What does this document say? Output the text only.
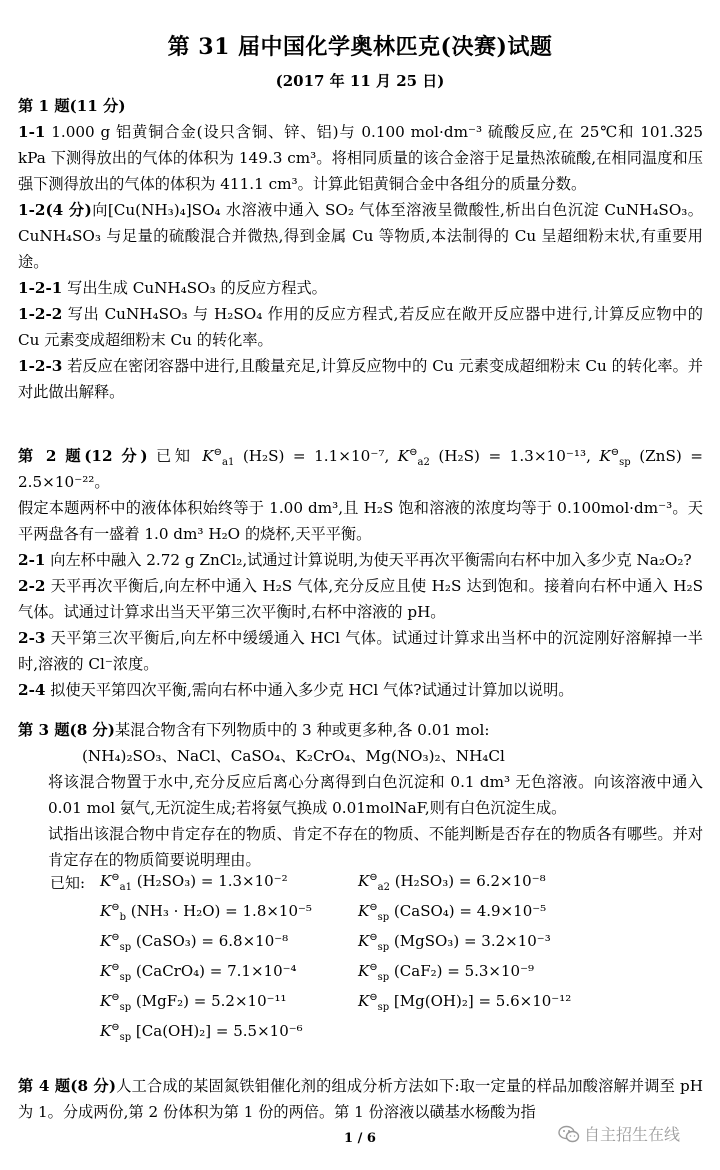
第 31 届中国化学奥林匹克(决赛)试题
(2017 年 11 月 25 日)
第 1 题(11 分)
1-1 1.000 g 铝黄铜合金(设只含铜、锌、铝)与 0.100 mol·dm⁻³ 硫酸反应,在 25℃和 101.325 kPa 下测得放出的气体的体积为 149.3 cm³。将相同质量的该合金溶于足量热浓硫酸,在相同温度和压强下测得放出的气体的体积为 411.1 cm³。计算此铝黄铜合金中各组分的质量分数。
1-2(4 分)向[Cu(NH₃)₄]SO₄ 水溶液中通入 SO₂ 气体至溶液呈微酸性,析出白色沉淀 CuNH₄SO₃。CuNH₄SO₃ 与足量的硫酸混合并微热,得到金属 Cu 等物质,本法制得的 Cu 呈超细粉末状,有重要用途。
1-2-1 写出生成 CuNH₄SO₃ 的反应方程式。
1-2-2 写出 CuNH₄SO₃ 与 H₂SO₄ 作用的反应方程式,若反应在敞开反应器中进行,计算反应物中的 Cu 元素变成超细粉末 Cu 的转化率。
1-2-3 若反应在密闭容器中进行,且酸量充足,计算反应物中的 Cu 元素变成超细粉末 Cu 的转化率。并对此做出解释。
第 2 题(12 分) 已知 $K^⊖_{a1}$ (H₂S) = 1.1×10⁻⁷, $K^⊖_{a2}$ (H₂S) = 1.3×10⁻¹³, $K^⊖_{sp}$ (ZnS) = 2.5×10⁻²²。
假定本题两杯中的液体体积始终等于 1.00 dm³,且 H₂S 饱和溶液的浓度均等于 0.100mol·dm⁻³。天平两盘各有一盛着 1.0 dm³ H₂O 的烧杯,天平平衡。
2-1 向左杯中融入 2.72 g ZnCl₂,试通过计算说明,为使天平再次平衡需向右杯中加入多少克 Na₂O₂?
2-2 天平再次平衡后,向左杯中通入 H₂S 气体,充分反应且使 H₂S 达到饱和。接着向右杯中通入 H₂S 气体。试通过计算求出当天平第三次平衡时,右杯中溶液的 pH。
2-3 天平第三次平衡后,向左杯中缓缓通入 HCl 气体。试通过计算求出当杯中的沉淀刚好溶解掉一半时,溶液的 Cl⁻浓度。
2-4 拟使天平第四次平衡,需向右杯中通入多少克 HCl 气体?试通过计算加以说明。
第 3 题(8 分)某混合物含有下列物质中的 3 种或更多种,各 0.01 mol:
(NH₄)₂SO₃、NaCl、CaSO₄、K₂CrO₄、Mg(NO₃)₂、NH₄Cl
将该混合物置于水中,充分反应后离心分离得到白色沉淀和 0.1 dm³ 无色溶液。向该溶液中通入 0.01 mol 氨气,无沉淀生成;若将氨气换成 0.01molNaF,则有白色沉淀生成。
试指出该混合物中肯定存在的物质、肯定不存在的物质、不能判断是否存在的物质各有哪些。并对肯定存在的物质简要说明理由。
已知: $K^⊖_{a1}$ (H₂SO₃) = 1.3×10⁻²	$K^⊖_{a2}$ (H₂SO₃) = 6.2×10⁻⁸
$K^⊖_b$ (NH₃ · H₂O) = 1.8×10⁻⁵	$K^⊖_{sp}$ (CaSO₄) = 4.9×10⁻⁵
$K^⊖_{sp}$ (CaSO₃) = 6.8×10⁻⁸	$K^⊖_{sp}$ (MgSO₃) = 3.2×10⁻³
$K^⊖_{sp}$ (CaCrO₄) = 7.1×10⁻⁴	$K^⊖_{sp}$ (CaF₂) = 5.3×10⁻⁹
$K^⊖_{sp}$ (MgF₂) = 5.2×10⁻¹¹	$K^⊖_{sp}$ [Mg(OH)₂] = 5.6×10⁻¹²
$K^⊖_{sp}$ [Ca(OH)₂] = 5.5×10⁻⁶
第 4 题(8 分)人工合成的某固氮铁钼催化剂的组成分析方法如下:取一定量的样品加酸溶解并调至 pH 为 1。分成两份,第 2 份体积为第 1 份的两倍。第 1 份溶液以磺基水杨酸为指
1 / 6	自主招生在线
